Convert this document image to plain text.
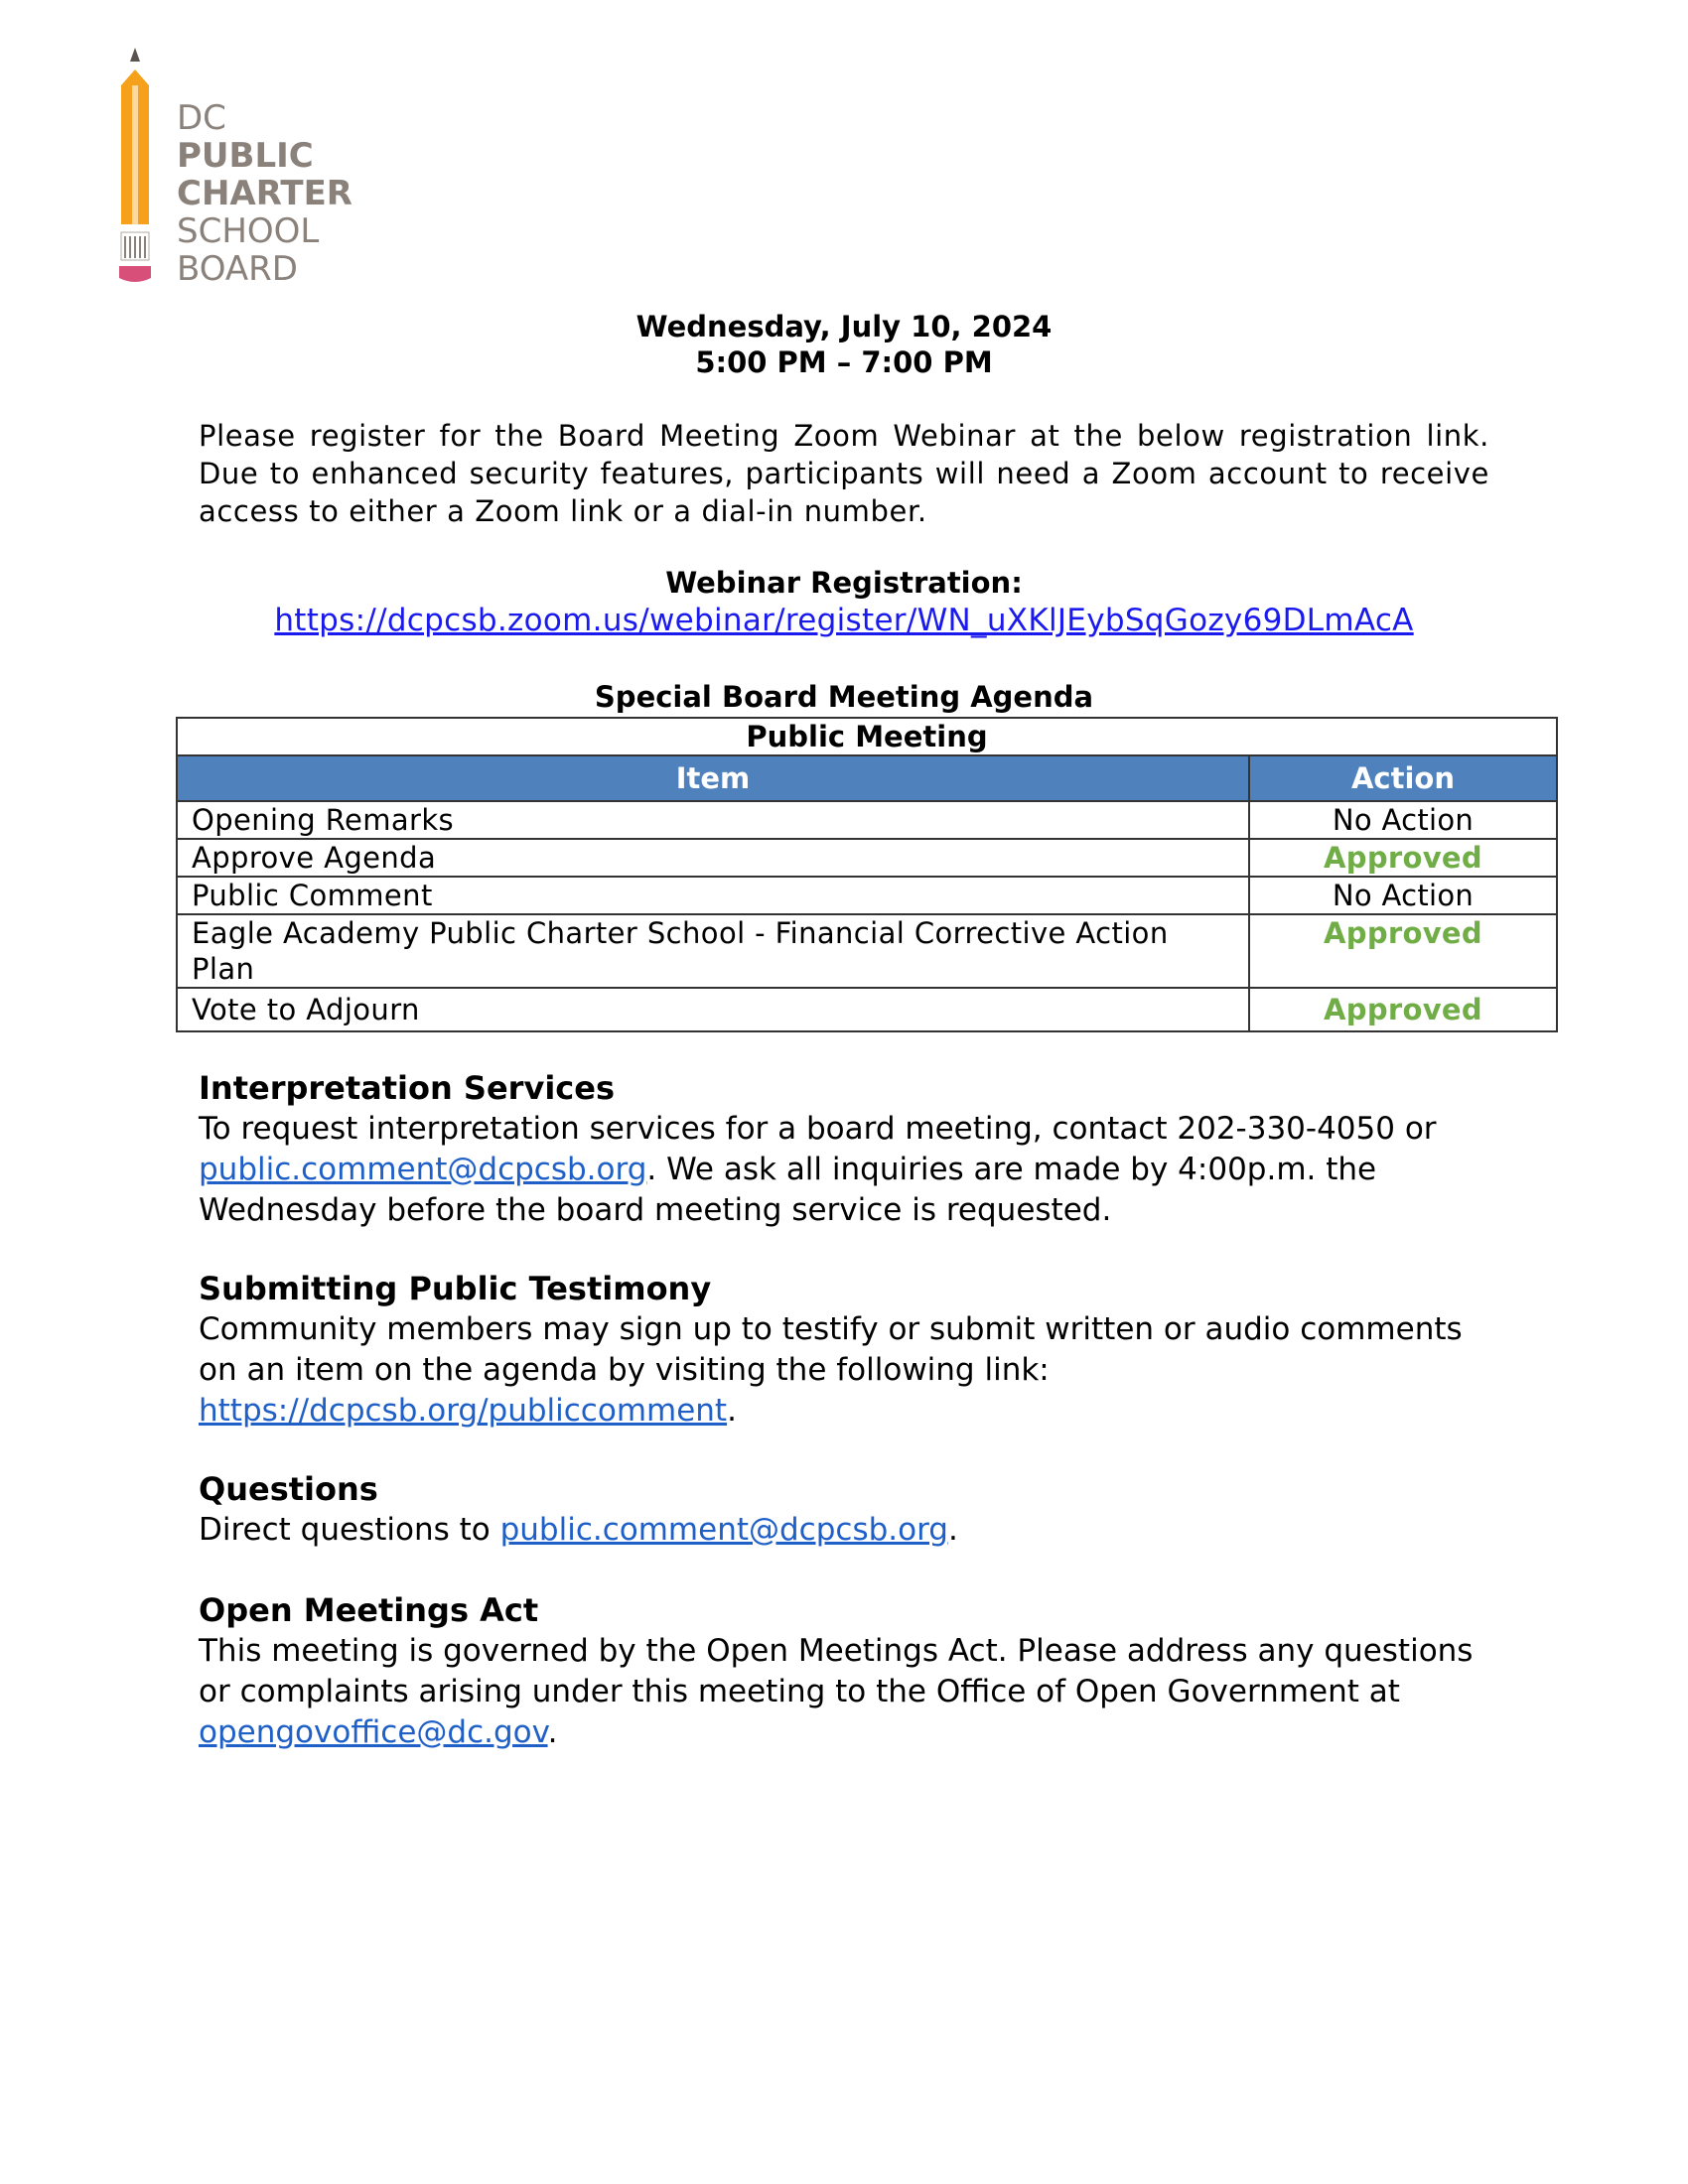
DC
PUBLIC
CHARTER
SCHOOL
BOARD
Wednesday, July 10, 2024
5:00 PM – 7:00 PM
Please register for the Board Meeting Zoom Webinar at the below registration link. Due to enhanced security features, participants will need a Zoom account to receive access to either a Zoom link or a dial-in number.
Webinar Registration:
https://dcpcsb.zoom.us/webinar/register/WN_uXKlJEybSqGozy69DLmAcA
Special Board Meeting Agenda
Public Meeting	
Item	Action
Opening Remarks	No Action
Approve Agenda	Approved
Public Comment	No Action
Eagle Academy Public Charter School - Financial Corrective Action Plan	Approved
Vote to Adjourn	Approved
Interpretation Services

To request interpretation services for a board meeting, contact 202-330-4050 or public.comment@dcpcsb.org. We ask all inquiries are made by 4:00p.m. the Wednesday before the board meeting service is requested.

Submitting Public Testimony

Community members may sign up to testify or submit written or audio comments on an item on the agenda by visiting the following link: https://dcpcsb.org/publiccomment.

Questions

Direct questions to public.comment@dcpcsb.org.

Open Meetings Act

This meeting is governed by the Open Meetings Act. Please address any questions or complaints arising under this meeting to the Office of Open Government at opengovoffice@dc.gov.
